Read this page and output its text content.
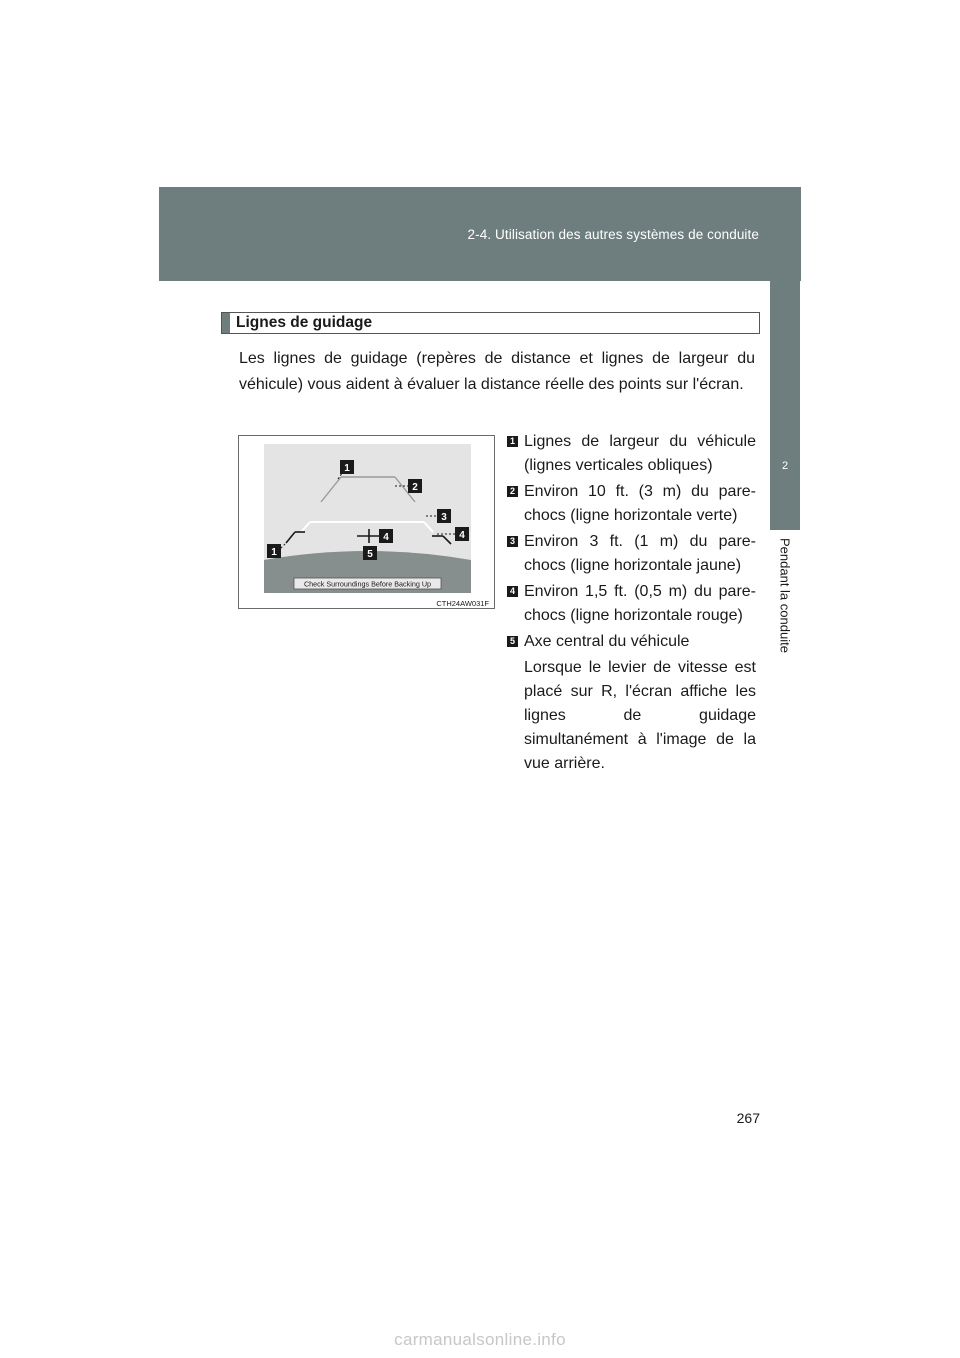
2-4. Utilisation des autres systèmes de conduite
2
Pendant la conduite
Lignes de guidage

Les lignes de guidage (repères de distance et lignes de largeur du véhicule) vous aident à évaluer la distance réelle des points sur l'écran.

1
2
3
4	4
1	5
Check Surroundings Before Backing Up
CTH24AW031F
1 Lignes de largeur du véhicule (lignes verticales obliques)
2 Environ 10 ft. (3 m) du pare-chocs (ligne horizontale verte)
3 Environ 3 ft. (1 m) du pare-chocs (ligne horizontale jaune)
4 Environ 1,5 ft. (0,5 m) du pare-chocs (ligne horizontale rouge)
5 Axe central du véhicule
Lorsque le levier de vitesse est placé sur R, l'écran affiche les lignes de guidage simultanément à l'image de la vue arrière.
267
carmanualsonline.info
